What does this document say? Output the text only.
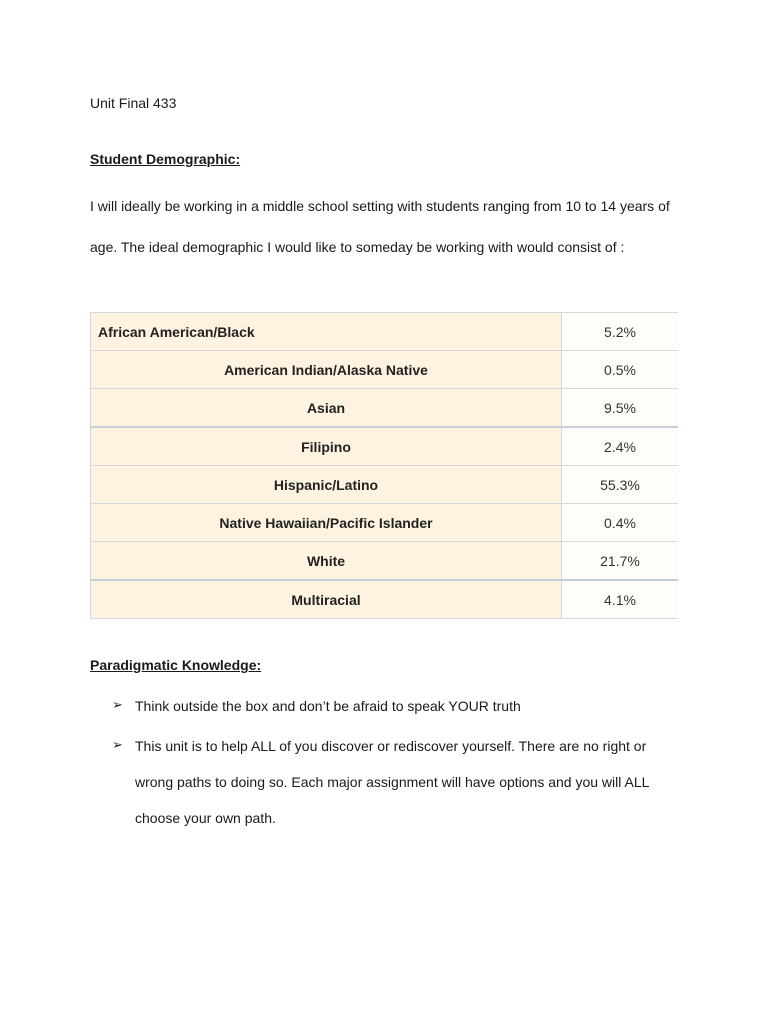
Unit Final 433
Student Demographic:

I will ideally be working in a middle school setting with students ranging from 10 to 14 years of age. The ideal demographic I would like to someday be working with would consist of :

African American/Black	5.2%
American Indian/Alaska Native	0.5%
Asian	9.5%
Filipino	2.4%
Hispanic/Latino	55.3%
Native Hawaiian/Pacific Islander	0.4%
White	21.7%
Multiracial	4.1%
Paradigmatic Knowledge:
➢ Think outside the box and don’t be afraid to speak YOUR truth
➢ This unit is to help ALL of you discover or rediscover yourself. There are no right or wrong paths to doing so. Each major assignment will have options and you will ALL choose your own path.
